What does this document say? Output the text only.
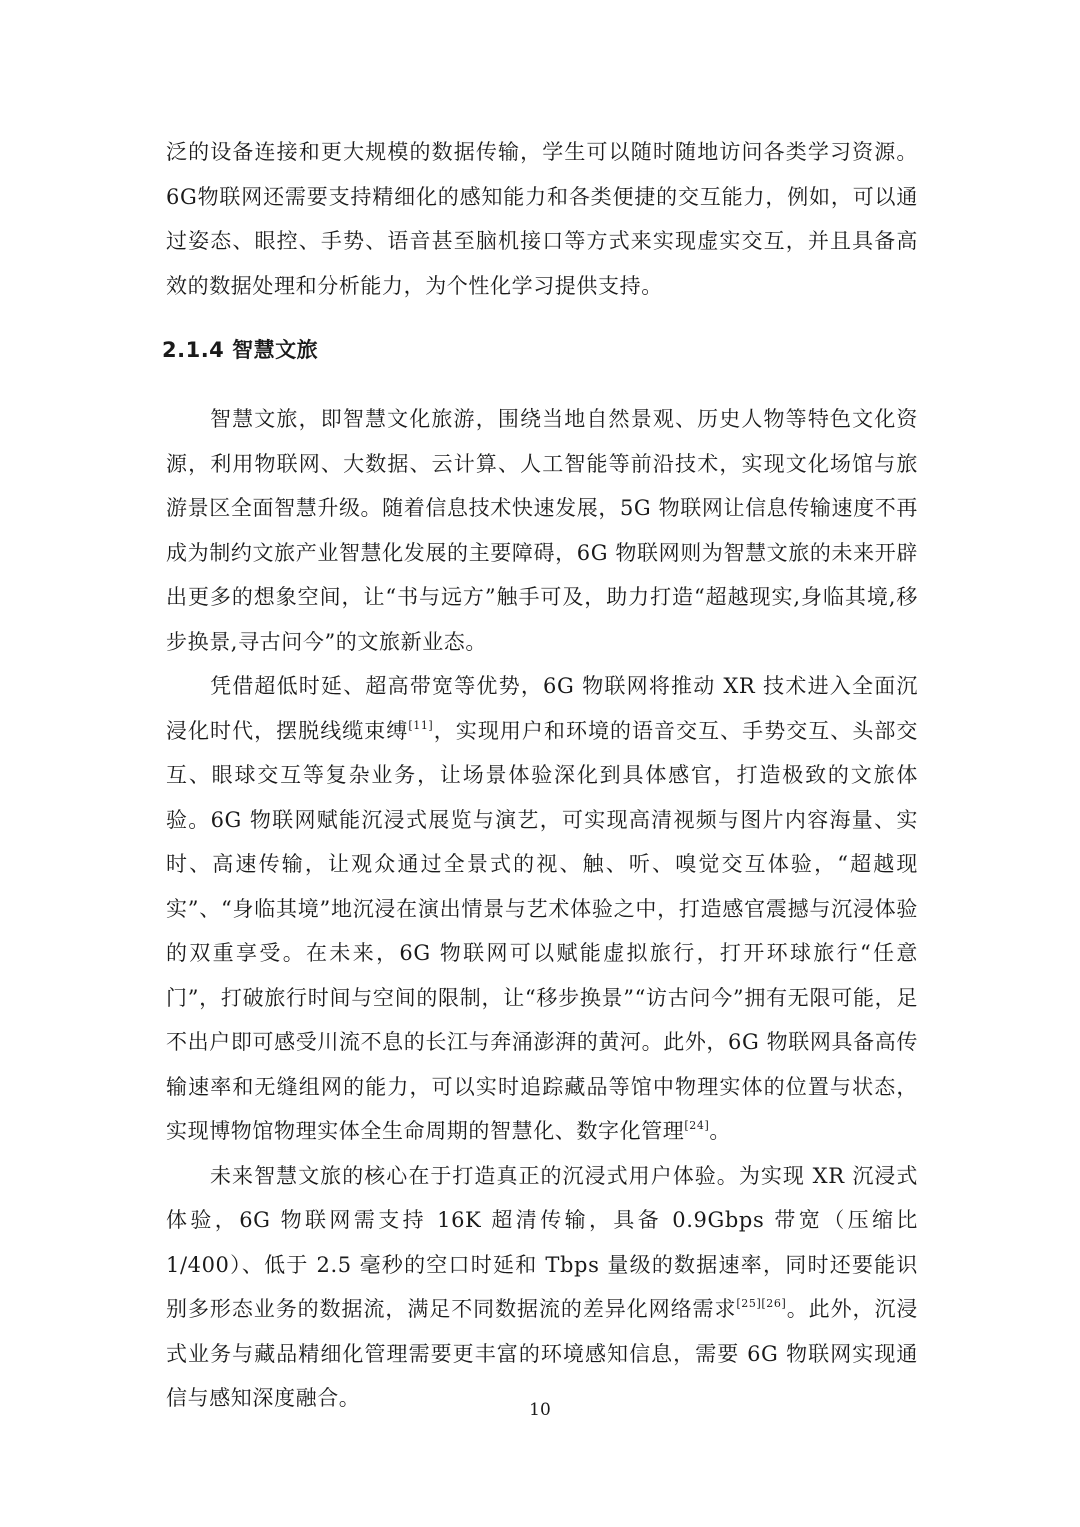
泛的设备连接和更大规模的数据传输，学生可以随时随地访问各类学习资源。6G物联网还需要支持精细化的感知能力和各类便捷的交互能力，例如，可以通过姿态、眼控、手势、语音甚至脑机接口等方式来实现虚实交互，并且具备高效的数据处理和分析能力，为个性化学习提供支持。

2.1.4 智慧文旅

智慧文旅，即智慧文化旅游，围绕当地自然景观、历史人物等特色文化资源，利用物联网、大数据、云计算、人工智能等前沿技术，实现文化场馆与旅游景区全面智慧升级。随着信息技术快速发展，5G 物联网让信息传输速度不再成为制约文旅产业智慧化发展的主要障碍，6G 物联网则为智慧文旅的未来开辟出更多的想象空间，让“书与远方”触手可及，助力打造“超越现实,身临其境,移步换景,寻古问今”的文旅新业态。

凭借超低时延、超高带宽等优势，6G 物联网将推动 XR 技术进入全面沉浸化时代，摆脱线缆束缚[11]，实现用户和环境的语音交互、手势交互、头部交互、眼球交互等复杂业务，让场景体验深化到具体感官，打造极致的文旅体验。6G 物联网赋能沉浸式展览与演艺，可实现高清视频与图片内容海量、实时、高速传输，让观众通过全景式的视、触、听、嗅觉交互体验，“超越现实”、“身临其境”地沉浸在演出情景与艺术体验之中，打造感官震撼与沉浸体验的双重享受。在未来，6G 物联网可以赋能虚拟旅行，打开环球旅行“任意门”，打破旅行时间与空间的限制，让“移步换景”“访古问今”拥有无限可能，足不出户即可感受川流不息的长江与奔涌澎湃的黄河。此外，6G 物联网具备高传输速率和无缝组网的能力，可以实时追踪藏品等馆中物理实体的位置与状态，实现博物馆物理实体全生命周期的智慧化、数字化管理[24]。

未来智慧文旅的核心在于打造真正的沉浸式用户体验。为实现 XR 沉浸式体验，6G 物联网需支持 16K 超清传输，具备 0.9Gbps 带宽（压缩比 1/400）、低于 2.5 毫秒的空口时延和 Tbps 量级的数据速率，同时还要能识别多形态业务的数据流，满足不同数据流的差异化网络需求[25][26]。此外，沉浸式业务与藏品精细化管理需要更丰富的环境感知信息，需要 6G 物联网实现通信与感知深度融合。	10
